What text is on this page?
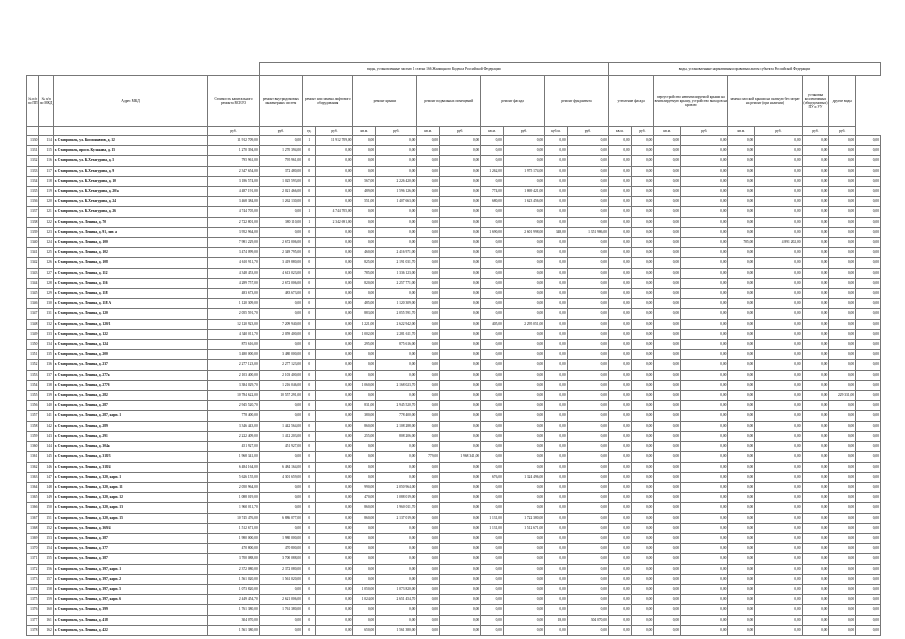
				виды, установленные частью 1 статьи 166 Жилищного Кодекса Российской Федерации											виды, установленные нормативным правовым актом субъекта Российской Федерации								
№ п/п по ПП	№ п/п по МКД	Адрес МКД	Стоимость капитального ремонта ВСЕГО	ремонт внутридомовых инженерных систем	ремонт или замена лифтового оборудования		ремонт крыши		ремонт подвальных помещений		ремонт фасада		ремонт фундамента		утепление фасада		переустройство невентилируемой крыши на вентилируемую крышу, устройство выходов на кровлю		замена плоской крыши на скатную без затрат на ремонт (при наличии)		установка коллективных (общедомовых) ПУ и УУ	другие виды	
			руб.	руб.	ед.	руб.	кв.м.	руб.	кв.м.	руб.	кв.м.	руб.	куб.м.	руб.	кв.м.	руб.	кв.м.	руб.	кв.м.	руб.	руб.	руб.	
1330	114	г. Ставрополь, ул. Космонавтов, д. 12	11 912 709,00	0,00	1	11 912 709,00	0,00	0,00	0,00	0,00	0,00	0,00	0,00	0,00	0,00	0,00	0,00	0,00	0,00	0,00	0,00	0,00	0,00
1331	115	г. Ставрополь, просп. Кулакова, д. 15	1 270 394,00	1 270 394,00	0	0,00	0,00	0,00	0,00	0,00	0,00	0,00	0,00	0,00	0,00	0,00	0,00	0,00	0,00	0,00	0,00	0,00	0,00
1332	116	г. Ставрополь, ул. К.Хетагурова, д. 5	795 961,00	795 961,00	0	0,00	0,00	0,00	0,00	0,00	0,00	0,00	0,00	0,00	0,00	0,00	0,00	0,00	0,00	0,00	0,00	0,00	0,00
1333	117	г. Ставрополь, ул. К.Хетагурова, д. 9	2 347 654,00	372 480,00	0	0,00	0,00	0,00	0,00	0,00	1 262,00	1 975 174,00	0,00	0,00	0,00	0,00	0,00	0,00	0,00	0,00	0,00	0,00	0,00
1334	118	г. Ставрополь, ул. К.Хетагурова, д. 10	3 186 574,00	1 025 593,00	0	0,00	567,00	2 226 420,00	0,00	0,00	0,00	0,00	0,00	0,00	0,00	0,00	0,00	0,00	0,00	0,00	0,00	0,00	0,00
1335	119	г. Ставрополь, ул. К.Хетагурова, д. 20/а	4 487 191,00	2 021 466,00	0	0,00	489,00	1 596 126,00	0,00	0,00	774,00	1 869 421,00	0,00	0,00	0,00	0,00	0,00	0,00	0,00	0,00	0,00	0,00	0,00
1336	120	г. Ставрополь, ул. К.Хетагурова, д. 24	3 468 384,00	1 262 130,00	0	0,00	551,00	1 407 663,00	0,00	0,00	680,00	1 623 456,00	0,00	0,00	0,00	0,00	0,00	0,00	0,00	0,00	0,00	0,00	0,00
1337	121	г. Ставрополь, ул. К.Хетагурова, д. 26	4 744 705,00	0,00	1	4 744 705,00	0,00	0,00	0,00	0,00	0,00	0,00	0,00	0,00	0,00	0,00	0,00	0,00	0,00	0,00	0,00	0,00	0,00
1338	122	г. Ставрополь, ул. Ленина, д. 70	2 722 801,00	380 110,00	1	2 342 691,00	0,00	0,00	0,00	0,00	0,00	0,00	0,00	0,00	0,00	0,00	0,00	0,00	0,00	0,00	0,00	0,00	0,00
1339	123	г. Ставрополь, ул. Ленина, д. 91, лит. а	3 952 964,00	0,00	0	0,00	0,00	0,00	0,00	0,00	1 690,00	2 601 998,00	348,00	1 351 986,00	0,00	0,00	0,00	0,00	0,00	0,00	0,00	0,00	0,00
1340	124	г. Ставрополь, ул. Ленина, д. 100	7 981 229,00	2 672 006,00	0	0,00	0,00	0,00	0,00	0,00	0,00	0,00	0,00	0,00	0,00	0,00	0,00	0,00	785,00	4 891 202,00	0,00	0,00	0,00
1341	125	г. Ставрополь, ул. Ленина, д. 102	3 474 099,00	2 349 795,00	0	0,00	460,00	2 416 971,00	0,00	0,00	0,00	0,00	0,00	0,00	0,00	0,00	0,00	0,00	0,00	0,00	0,00	0,00	0,00
1342	126	г. Ставрополь, ул. Ленина, д. 108	4 610 911,70	3 419 880,00	0	0,00	825,00	2 191 031,70	0,00	0,00	0,00	0,00	0,00	0,00	0,00	0,00	0,00	0,00	0,00	0,00	0,00	0,00	0,00
1343	127	г. Ставрополь, ул. Ленина, д. 112	4 348 453,00	4 613 023,00	0	0,00	785,00	1 336 123,00	0,00	0,00	0,00	0,00	0,00	0,00	0,00	0,00	0,00	0,00	0,00	0,00	0,00	0,00	0,00
1344	128	г. Ставрополь, ул. Ленина, д. 116	4 289 757,00	2 672 006,00	0	0,00	820,00	2 257 771,00	0,00	0,00	0,00	0,00	0,00	0,00	0,00	0,00	0,00	0,00	0,00	0,00	0,00	0,00	0,00
1345	129	г. Ставрополь, ул. Ленина, д. 118	483 673,00	483 673,00	0	0,00	0,00	0,00	0,00	0,00	0,00	0,00	0,00	0,00	0,00	0,00	0,00	0,00	0,00	0,00	0,00	0,00	0,00
1346	130	г. Ставрополь, ул. Ленина, д. 118 А	1 120 309,00	0,00	0	0,00	485,00	1 120 309,00	0,00	0,00	0,00	0,00	0,00	0,00	0,00	0,00	0,00	0,00	0,00	0,00	0,00	0,00	0,00
1347	131	г. Ставрополь, ул. Ленина, д. 120	2 055 591,70	0,00	0	0,00	883,00	2 055 591,70	0,00	0,00	0,00	0,00	0,00	0,00	0,00	0,00	0,00	0,00	0,00	0,00	0,00	0,00	0,00
1348	132	г. Ставрополь, ул. Ленина, д. 120/1	12 120 923,00	7 209 940,00	0	0,00	1 221,00	2 622 942,00	0,00	0,00	405,00	2 295 051,00	0,00	0,00	0,00	0,00	0,00	0,00	0,00	0,00	0,00	0,00	0,00
1349	133	г. Ставрополь, ул. Ленина, д. 122	4 340 011,70	2 059 400,00	0	0,00	1 002,00	2 281 611,70	0,00	0,00	0,00	0,00	0,00	0,00	0,00	0,00	0,00	0,00	0,00	0,00	0,00	0,00	0,00
1350	134	г. Ставрополь, ул. Ленина, д. 124	875 616,00	0,00	0	0,00	295,00	875 616,00	0,00	0,00	0,00	0,00	0,00	0,00	0,00	0,00	0,00	0,00	0,00	0,00	0,00	0,00	0,00
1351	135	г. Ставрополь, ул. Ленина, д. 200	3 480 000,00	3 480 000,00	0	0,00	0,00	0,00	0,00	0,00	0,00	0,00	0,00	0,00	0,00	0,00	0,00	0,00	0,00	0,00	0,00	0,00	0,00
1352	136	г. Ставрополь, ул. Ленина, д. 237	2 277 123,00	2 277 123,00	0	0,00	0,00	0,00	0,00	0,00	0,00	0,00	0,00	0,00	0,00	0,00	0,00	0,00	0,00	0,00	0,00	0,00	0,00
1353	137	г. Ставрополь, ул. Ленина, д. 277а	2 103 400,00	2 103 400,00	0	0,00	0,00	0,00	0,00	0,00	0,00	0,00	0,00	0,00	0,00	0,00	0,00	0,00	0,00	0,00	0,00	0,00	0,00
1354	138	г. Ставрополь, ул. Ленина, д. 277б	3 384 029,70	1 216 046,00	0	0,00	1 060,00	2 168 023,70	0,00	0,00	0,00	0,00	0,00	0,00	0,00	0,00	0,00	0,00	0,00	0,00	0,00	0,00	0,00
1355	139	г. Ставрополь, ул. Ленина, д. 282	10 784 622,00	10 557 291,00	0	0,00	0,00	0,00	0,00	0,00	0,00	0,00	0,00	0,00	0,00	0,00	0,00	0,00	0,00	0,00	0,00	229 331,00	0,00
1356	140	г. Ставрополь, ул. Ленина, д. 287	2 945 520,70	0,00	0	0,00	831,00	2 945 520,70	0,00	0,00	0,00	0,00	0,00	0,00	0,00	0,00	0,00	0,00	0,00	0,00	0,00	0,00	0,00
1357	141	г. Ставрополь, ул. Ленина, д. 287, корп. 1	778 400,00	0,00	0	0,00	380,00	778 400,00	0,00	0,00	0,00	0,00	0,00	0,00	0,00	0,00	0,00	0,00	0,00	0,00	0,00	0,00	0,00
1358	142	г. Ставрополь, ул. Ленина, д. 289	3 346 443,00	1 442 564,00	0	0,00	860,00	2 108 288,00	0,00	0,00	0,00	0,00	0,00	0,00	0,00	0,00	0,00	0,00	0,00	0,00	0,00	0,00	0,00
1359	143	г. Ставрополь, ул. Ленина, д. 291	2 222 409,00	1 412 203,00	0	0,00	255,00	808 206,00	0,00	0,00	0,00	0,00	0,00	0,00	0,00	0,00	0,00	0,00	0,00	0,00	0,00	0,00	0,00
1360	144	г. Ставрополь, ул. Ленина, д. 304а	451 927,00	451 927,00	0	0,00	0,00	0,00	0,00	0,00	0,00	0,00	0,00	0,00	0,00	0,00	0,00	0,00	0,00	0,00	0,00	0,00	0,00
1361	145	г. Ставрополь, ул. Ленина, д. 318/3	1 968 341,00	0,00	0	0,00	0,00	0,00	779,00	1 968 341,00	0,00	0,00	0,00	0,00	0,00	0,00	0,00	0,00	0,00	0,00	0,00	0,00	0,00
1362	146	г. Ставрополь, ул. Ленина, д. 318/4	6 484 164,00	6 484 164,00	0	0,00	0,00	0,00	0,00	0,00	0,00	0,00	0,00	0,00	0,00	0,00	0,00	0,00	0,00	0,00	0,00	0,00	0,00
1363	147	г. Ставрополь, ул. Ленина, д. 320, корп. 1	5 626 155,00	4 301 659,00	0	0,00	0,00	0,00	0,00	0,00	676,00	1 324 496,00	0,00	0,00	0,00	0,00	0,00	0,00	0,00	0,00	0,00	0,00	0,00
1364	148	г. Ставрополь, ул. Ленина, д. 320, корп. 11	2 050 964,00	0,00	0	0,00	990,00	2 050 964,00	0,00	0,00	0,00	0,00	0,00	0,00	0,00	0,00	0,00	0,00	0,00	0,00	0,00	0,00	0,00
1365	149	г. Ставрополь, ул. Ленина, д. 320, корп. 12	1 088 019,00	0,00	0	0,00	470,00	1 088 019,00	0,00	0,00	0,00	0,00	0,00	0,00	0,00	0,00	0,00	0,00	0,00	0,00	0,00	0,00	0,00
1366	150	г. Ставрополь, ул. Ленина, д. 320, корп. 13	1 960 011,70	0,00	0	0,00	860,00	1 960 011,70	0,00	0,00	0,00	0,00	0,00	0,00	0,00	0,00	0,00	0,00	0,00	0,00	0,00	0,00	0,00
1367	151	г. Ставрополь, ул. Ленина, д. 320, корп. 15	10 745 476,00	6 886 077,00	0	0,00	860,00	2 137 019,00	0,00	0,00	1 131,00	1 722 380,00	0,00	0,00	0,00	0,00	0,00	0,00	0,00	0,00	0,00	0,00	0,00
1368	152	г. Ставрополь, ул. Ленина, д. 369/4	1 512 671,00	0,00	0	0,00	0,00	0,00	0,00	0,00	1 131,00	1 512 671,00	0,00	0,00	0,00	0,00	0,00	0,00	0,00	0,00	0,00	0,00	0,00
1369	153	г. Ставрополь, ул. Ленина, д. 387	1 980 000,00	1 980 000,00	0	0,00	0,00	0,00	0,00	0,00	0,00	0,00	0,00	0,00	0,00	0,00	0,00	0,00	0,00	0,00	0,00	0,00	0,00
1370	154	г. Ставрополь, ул. Ленина, д. 377	470 800,00	470 800,00	0	0,00	0,00	0,00	0,00	0,00	0,00	0,00	0,00	0,00	0,00	0,00	0,00	0,00	0,00	0,00	0,00	0,00	0,00
1371	155	г. Ставрополь, ул. Ленина, д. 387	3 700 088,00	3 700 088,00	0	0,00	0,00	0,00	0,00	0,00	0,00	0,00	0,00	0,00	0,00	0,00	0,00	0,00	0,00	0,00	0,00	0,00	0,00
1372	156	г. Ставрополь, ул. Ленина, д. 397, корп. 1	2 372 080,00	2 372 080,00	0	0,00	0,00	0,00	0,00	0,00	0,00	0,00	0,00	0,00	0,00	0,00	0,00	0,00	0,00	0,00	0,00	0,00	0,00
1373	157	г. Ставрополь, ул. Ленина, д. 397, корп. 2	1 561 020,00	1 561 020,00	0	0,00	0,00	0,00	0,00	0,00	0,00	0,00	0,00	0,00	0,00	0,00	0,00	0,00	0,00	0,00	0,00	0,00	0,00
1374	158	г. Ставрополь, ул. Ленина, д. 397, корп. 5	1 073 820,00	0,00	0	0,00	1 050,00	1 073 820,00	0,00	0,00	0,00	0,00	0,00	0,00	0,00	0,00	0,00	0,00	0,00	0,00	0,00	0,00	0,00
1375	159	г. Ставрополь, ул. Ленина, д. 397, корп. 6	2 449 454,70	2 621 006,00	0	0,00	1 024,00	2 651 454,70	0,00	0,00	0,00	0,00	0,00	0,00	0,00	0,00	0,00	0,00	0,00	0,00	0,00	0,00	0,00
1376	160	г. Ставрополь, ул. Ленина, д. 399	1 761 380,00	1 761 380,00	0	0,00	0,00	0,00	0,00	0,00	0,00	0,00	0,00	0,00	0,00	0,00	0,00	0,00	0,00	0,00	0,00	0,00	0,00
1377	161	г. Ставрополь, ул. Ленина, д. 418	304 070,00	0,00	0	0,00	0,00	0,00	0,00	0,00	0,00	0,00	18,00	304 070,00	0,00	0,00	0,00	0,00	0,00	0,00	0,00	0,00	0,00
1378	162	г. Ставрополь, ул. Ленина, д. 422	1 561 380,00	0,00	0	0,00	650,00	1 561 380,00	0,00	0,00	0,00	0,00	0,00	0,00	0,00	0,00	0,00	0,00	0,00	0,00	0,00	0,00	0,00
